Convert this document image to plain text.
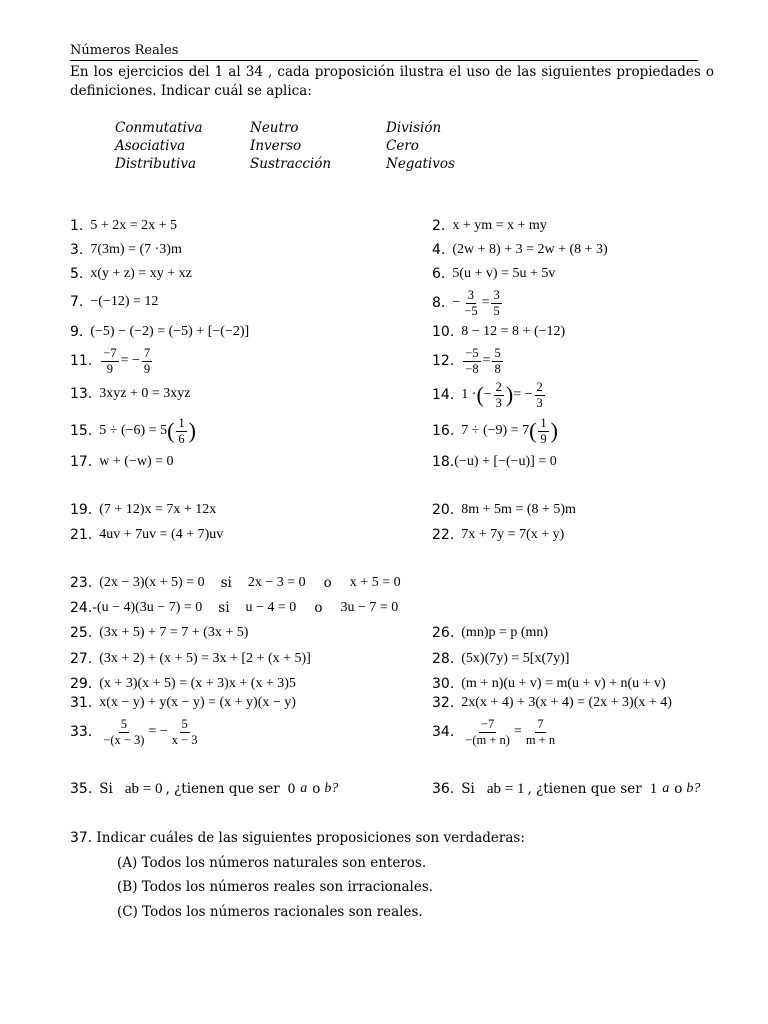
Números Reales
En los ejercicios del 1 al 34 , cada proposición ilustra el uso de las siguientes propiedades o definiciones. Indicar cuál se aplica:
Conmutativa	Neutro	División
Asociativa	Inverso	Cero
Distributiva	Sustracción	Negativos
1. 5 + 2x = 2x + 5	2. x + ym = x + my
3. 7(3m) = (7 ·3)m	4. (2w + 8) + 3 = 2w + (8 + 3)
5. x(y + z) = xy + xz	6. 5(u + v) = 5u + 5v
7. −(−12) = 12	8. − $\frac{3}{-5} = \frac{3}{5}$
9. (−5) − (−2) = (−5) + [−(−2)]	10. 8 − 12 = 8 + (−12)
11. $\frac{-7}{9}$ = − $\frac{7}{9}$	12. $\frac{-5}{-8} = \frac{5}{8}$
13. 3xyz + 0 = 3xyz	14. 1 · ( − $\frac{2}{3}$ ) = − $\frac{2}{3}$
15. 5 ÷ (−6) = 5 ( $\frac{1}{6}$ )	16. 7 ÷ (−9) = 7 ( $\frac{1}{9}$ )
17. w + (−w) = 0	18. (−u) + [−(−u)] = 0
19. (7 + 12)x = 7x + 12x	20. 8m + 5m = (8 + 5)m
21. 4uv + 7uv = (4 + 7)uv	22. 7x + 7y = 7(x + y)
23. (2x − 3)(x + 5) = 0 si 2x − 3 = 0 o x + 5 = 0
24. -(u − 4)(3u − 7) = 0 si u − 4 = 0 o 3u − 7 = 0
25. (3x + 5) + 7 = 7 + (3x + 5)	26. (mn)p = p (mn)
27. (3x + 2) + (x + 5) = 3x + [2 + (x + 5)]	28. (5x)(7y) = 5[x(7y)]
29. (x + 3)(x + 5) = (x + 3)x + (x + 3)5	30. (m + n)(u + v) = m(u + v) + n(u + v)
31. x(x − y) + y(x − y) = (x + y)(x − y)	32. 2x(x + 4) + 3(x + 4) = (2x + 3)(x + 4)
33. $\frac{5}{-(x - 3)}$ = − $\frac{5}{x - 3}$	34. $\frac{-7}{-(m + n)} = \frac{7}{m + n}$
35. Si ab = 0 , ¿tienen que ser 0 a o b?	36. Si ab = 1 , ¿tienen que ser 1 a o b?
37. Indicar cuáles de las siguientes proposiciones son verdaderas:
(A) Todos los números naturales son enteros.
(B) Todos los números reales son irracionales.
(C) Todos los números racionales son reales.
